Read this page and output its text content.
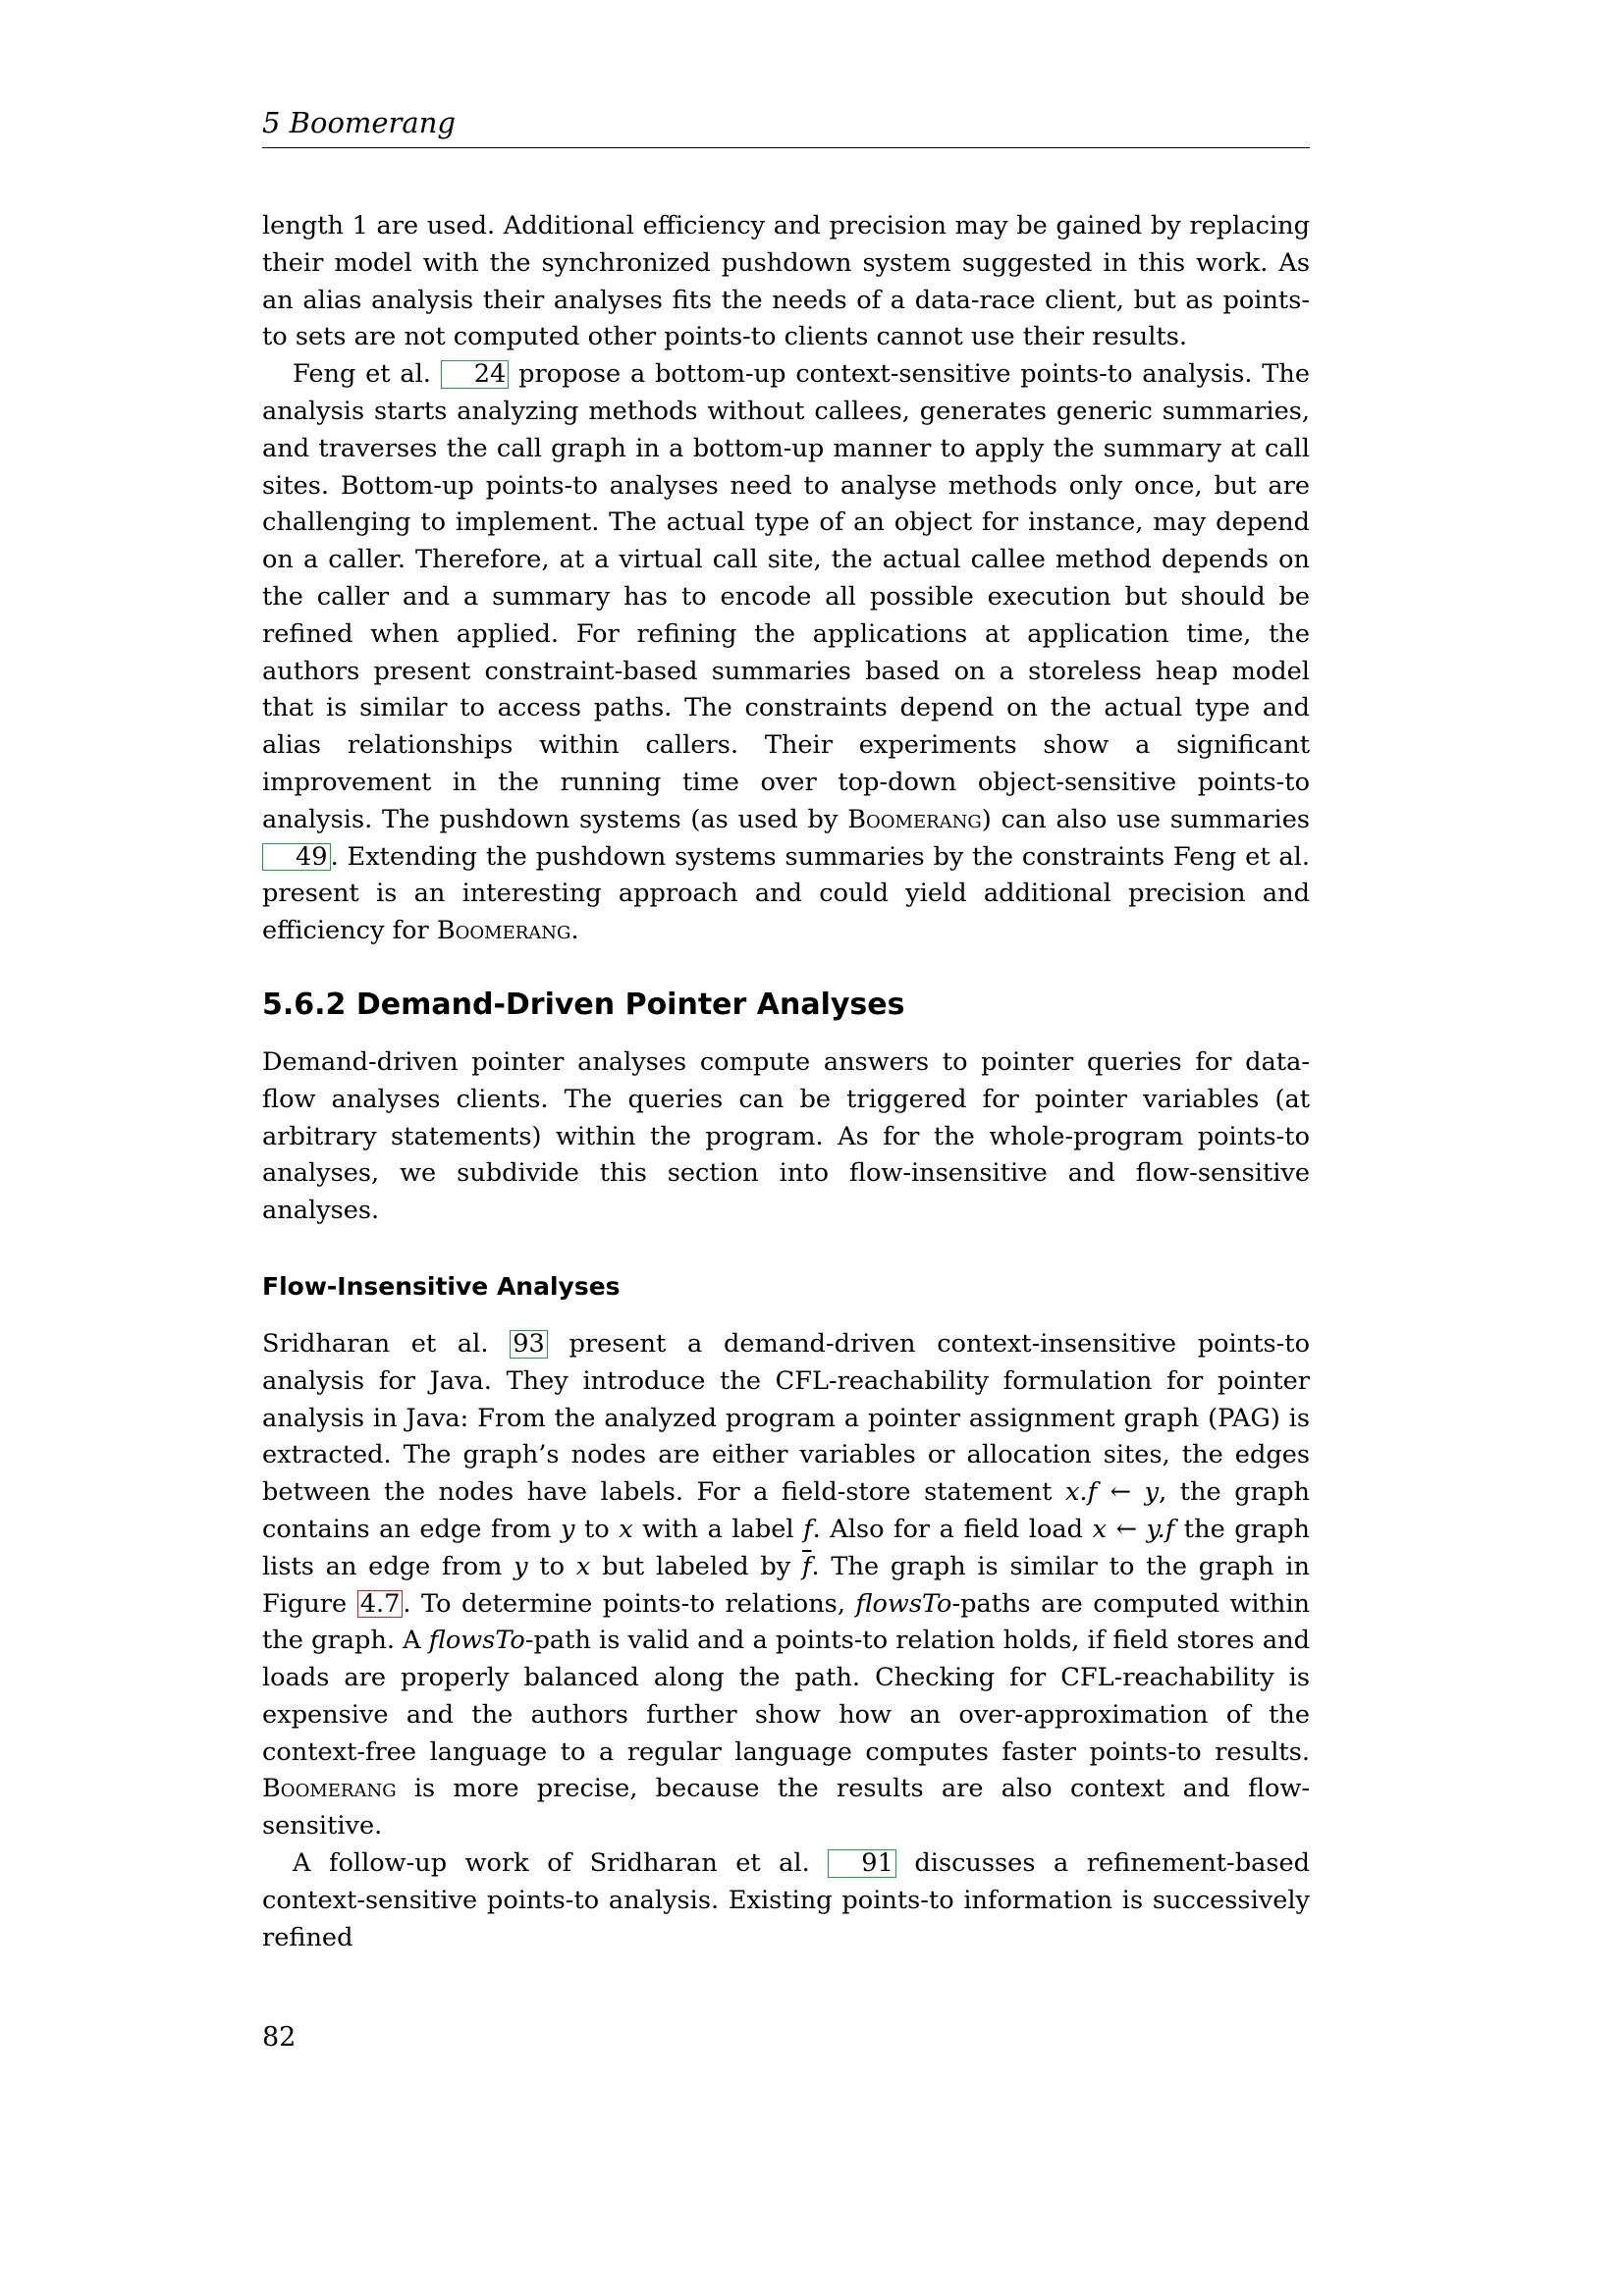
5 Boomerang

length 1 are used. Additional efficiency and precision may be gained by replacing their model with the synchronized pushdown system suggested in this work. As an alias analysis their analyses fits the needs of a data-race client, but as points-to sets are not computed other points-to clients cannot use their results.

Feng et al. 24 propose a bottom-up context-sensitive points-to analysis. The analysis starts analyzing methods without callees, generates generic summaries, and traverses the call graph in a bottom-up manner to apply the summary at call sites. Bottom-up points-to analyses need to analyse methods only once, but are challenging to implement. The actual type of an object for instance, may depend on a caller. Therefore, at a virtual call site, the actual callee method depends on the caller and a summary has to encode all possible execution but should be refined when applied. For refining the applications at application time, the authors present constraint-based summaries based on a storeless heap model that is similar to access paths. The constraints depend on the actual type and alias relationships within callers. Their experiments show a significant improvement in the running time over top-down object-sensitive points-to analysis. The pushdown systems (as used by Boomerang) can also use summaries 49 . Extending the pushdown systems summaries by the constraints Feng et al. present is an interesting approach and could yield additional precision and efficiency for Boomerang.

5.6.2 Demand-Driven Pointer Analyses

Demand-driven pointer analyses compute answers to pointer queries for data-flow analyses clients. The queries can be triggered for pointer variables (at arbitrary statements) within the program. As for the whole-program points-to analyses, we subdivide this section into flow-insensitive and flow-sensitive analyses.

Flow-Insensitive Analyses

Sridharan et al. 93 present a demand-driven context-insensitive points-to analysis for Java. They introduce the CFL-reachability formulation for pointer analysis in Java: From the analyzed program a pointer assignment graph (PAG) is extracted. The graph’s nodes are either variables or allocation sites, the edges between the nodes have labels. For a field-store statement x.f ← y, the graph contains an edge from y to x with a label f. Also for a field load x ← y.f the graph lists an edge from y to x but labeled by $\overline{f}$. The graph is similar to the graph in Figure 4.7 . To determine points-to relations, flowsTo-paths are computed within the graph. A flowsTo-path is valid and a points-to relation holds, if field stores and loads are properly balanced along the path. Checking for CFL-reachability is expensive and the authors further show how an over-approximation of the context-free language to a regular language computes faster points-to results. Boomerang is more precise, because the results are also context and flow-sensitive.

A follow-up work of Sridharan et al. 91 discusses a refinement-based context-sensitive points-to analysis. Existing points-to information is successively refined

82
